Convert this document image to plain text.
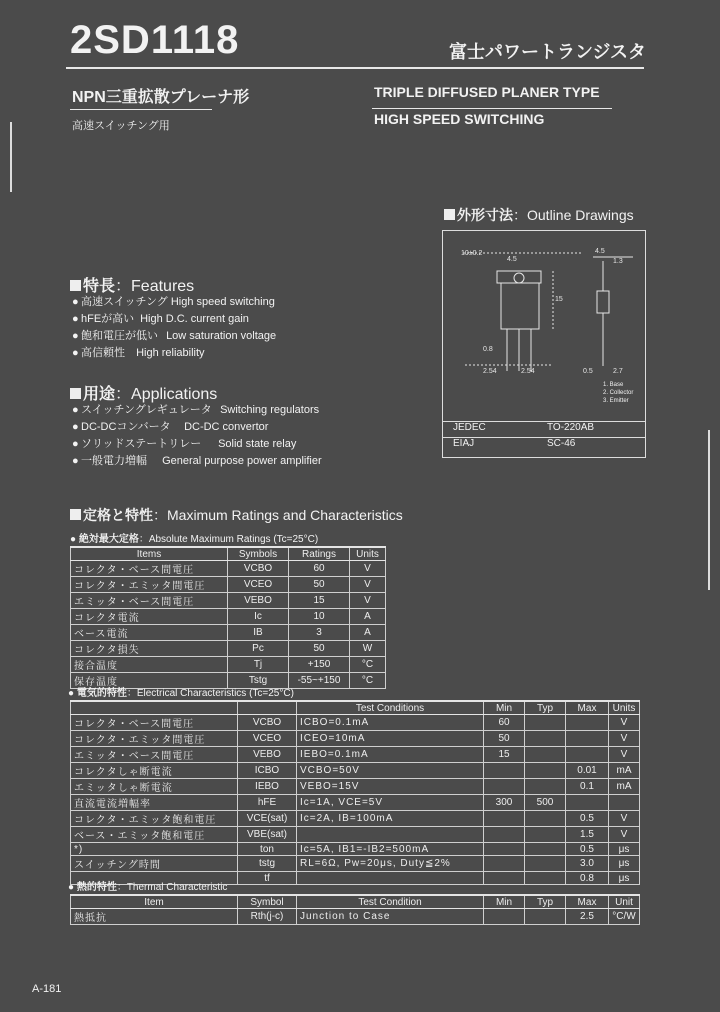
2SD1118	富士パワートランジスタ
NPN三重拡散プレーナ形
高速スイッチング用
TRIPLE DIFFUSED PLANER TYPE
HIGH SPEED SWITCHING
外形寸法：Outline Drawings
10±0.2
4.5
15
0.8
2.54	2.54
4.5
1.3
0.5	2.7
1. Base
2. Collector
3. Emitter
JEDEC	TO-220AB
EIAJ	SC-46
特長：Features
● 高速スイッチング High speed switching
● hFEが高い High D.C. current gain
● 飽和電圧が低い Low saturation voltage
● 高信頼性 High reliability
用途：Applications
● スイッチングレギュレータ Switching regulators
● DC-DCコンバータ DC-DC convertor
● ソリッドステートリレー Solid state relay
● 一般電力増幅 General purpose power amplifier
定格と特性：Maximum Ratings and Characteristics
● 絶対最大定格：Absolute Maximum Ratings (Tc=25°C)
Items	Symbols	Ratings	Units
コレクタ・ベース間電圧	VCBO	60	V
コレクタ・エミッタ間電圧	VCEO	50	V
エミッタ・ベース間電圧	VEBO	15	V
コレクタ電流	Ic	10	A
ベース電流	IB	3	A
コレクタ損失	Pc	50	W
接合温度	Tj	+150	°C
保存温度	Tstg	-55~+150	°C
● 電気的特性：Electrical Characteristics (Tc=25°C)
		Test Conditions	Min	Typ	Max	Units
コレクタ・ベース間電圧	VCBO	ICBO=0.1mA	60			V
コレクタ・エミッタ間電圧	VCEO	ICEO=10mA	50			V
エミッタ・ベース間電圧	VEBO	IEBO=0.1mA	15			V
コレクタしゃ断電流	ICBO	VCBO=50V			0.01	mA
エミッタしゃ断電流	IEBO	VEBO=15V			0.1	mA
直流電流増幅率	hFE	Ic=1A, VCE=5V	300	500		
コレクタ・エミッタ飽和電圧	VCE(sat)	Ic=2A, IB=100mA			0.5	V
ベース・エミッタ飽和電圧	VBE(sat)				1.5	V
*)	ton	Ic=5A, IB1=-IB2=500mA			0.5	μs
スイッチング時間	tstg	RL=6Ω, Pw=20μs, Duty≦2%			3.0	μs
	tf				0.8	μs
● 熱的特性：Thermal Characteristic
Item	Symbol	Test Condition	Min	Typ	Max	Unit
熱抵抗	Rth(j-c)	Junction to Case			2.5	°C/W
A-181
